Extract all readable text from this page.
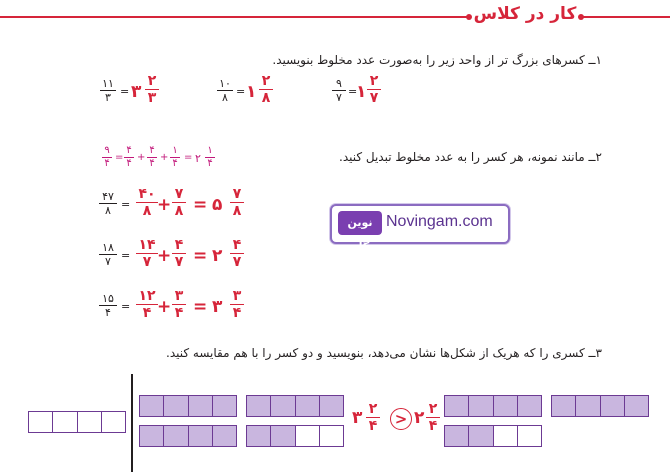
کار در کلاس
۱ــ کسرهای بزرگ تر از واحد زیر را به‌صورت عدد مخلوط بنویسید.
۹
۷ =
۱
۲
۷
۱۰
۸ = ۱
۲
۸
۱۱
۳ = ۳
۲
۳
۲ــ مانند نمونه، هر کسر را به عدد مخلوط تبدیل کنید.
۹
۴
=
۴
۴
+
۴
۴
+
۱
۴
= ۲
۱
۴
۴۷
۸ =
۴۰
۸ +
۷
۸ = ۵
۷
۸
۱۸
۷ =
۱۴
۷ +
۴
۷ = ۲
۴
۷
۱۵
۴ =
۱۲
۴ +
۳
۴ = ۳
۳
۴
نوین گام
Novingam.com
۳ــ کسری را که هریک از شکل‌ها نشان می‌دهد، بنویسید و دو کسر را با هم مقایسه کنید.
۳ ۲
۴	> ۲ ۲
۴
